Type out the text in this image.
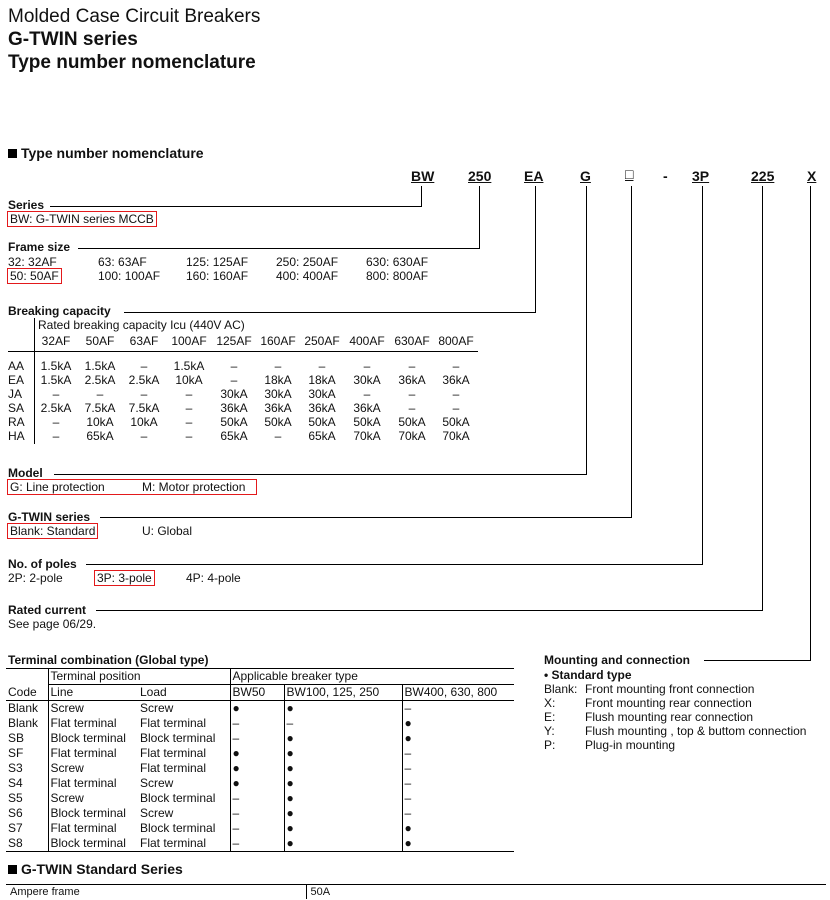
Molded Case Circuit Breakers
G-TWIN series
Type number nomenclature
Type number nomenclature
BW 250 EA	G □ - 3P	225 X
Series
BW: G-TWIN series MCCB
Frame size
32: 32AF	63: 63AF	125: 125AF 250: 250AF 630: 630AF
50: 50AF	100: 100AF 160: 160AF 400: 400AF 800: 800AF
Breaking capacity
Rated breaking capacity Icu (440V AC)
	32AF	50AF	63AF	100AF	125AF	160AF	250AF	400AF	630AF	800AF

AA	1.5kA	1.5kA	–	1.5kA	–	–	–	–	–	–
EA	1.5kA	2.5kA	2.5kA	10kA	–	18kA	18kA	30kA	36kA	36kA
JA	–	–	–	–	30kA	30kA	30kA	–	–	–
SA	2.5kA	7.5kA	7.5kA	–	36kA	36kA	36kA	36kA	–	–
RA	–	10kA	10kA	–	50kA	50kA	50kA	50kA	50kA	50kA
HA	–	65kA	–	–	65kA	–	65kA	70kA	70kA	70kA
Model
G: Line protection	M: Motor protection
G-TWIN series
Blank: Standard	U: Global
No. of poles
2P: 2-pole	3P: 3-pole	4P: 4-pole
Rated current
See page 06/29.
Terminal combination (Global type)
	Terminal position		Applicable breaker type		
Code	Line	Load	BW50	BW100, 125, 250	BW400, 630, 800
Blank	Screw	Screw	●	●	–
Blank	Flat terminal	Flat terminal	–	–	●
SB	Block terminal	Block terminal	–	●	●
SF	Flat terminal	Flat terminal	●	●	–
S3	Screw	Flat terminal	●	●	–
S4	Flat terminal	Screw	●	●	–
S5	Screw	Block terminal	–	●	–
S6	Block terminal	Screw	–	●	–
S7	Flat terminal	Block terminal	–	●	●
S8	Block terminal	Flat terminal	–	●	●
Mounting and connection
• Standard type
Blank: Front mounting front connection
X: Front mounting rear connection
E: Flush mounting rear connection
Y:	Flush mounting , top & buttom connection
P: Plug-in mounting
G-TWIN Standard Series
Ampere frame	50A
